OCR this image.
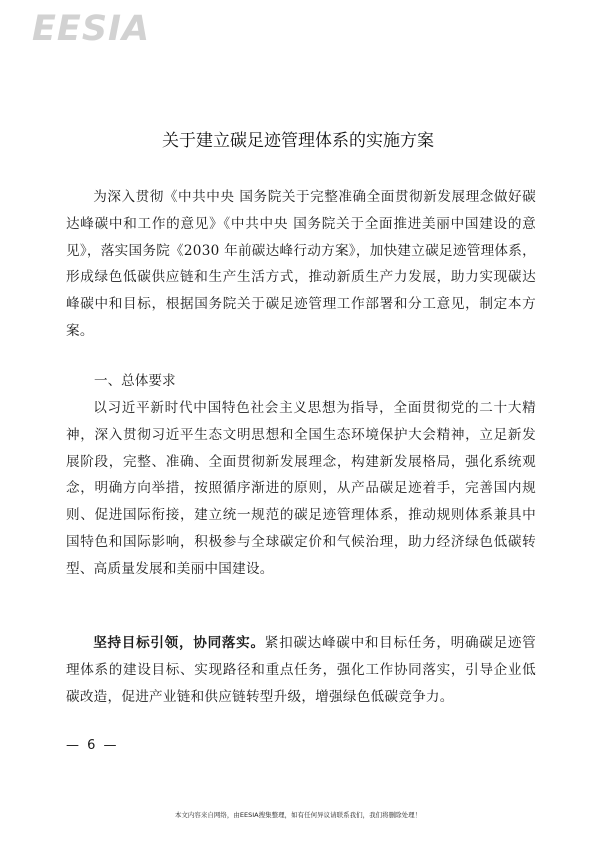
EESIA
关于建立碳足迹管理体系的实施方案

为深入贯彻《中共中央 国务院关于完整准确全面贯彻新发展理念做好碳达峰碳中和工作的意见》《中共中央 国务院关于全面推进美丽中国建设的意见》，落实国务院《2030 年前碳达峰行动方案》，加快建立碳足迹管理体系，形成绿色低碳供应链和生产生活方式，推动新质生产力发展，助力实现碳达峰碳中和目标，根据国务院关于碳足迹管理工作部署和分工意见，制定本方案。

一、总体要求

以习近平新时代中国特色社会主义思想为指导，全面贯彻党的二十大精神，深入贯彻习近平生态文明思想和全国生态环境保护大会精神，立足新发展阶段，完整、准确、全面贯彻新发展理念，构建新发展格局，强化系统观念，明确方向举措，按照循序渐进的原则，从产品碳足迹着手，完善国内规则、促进国际衔接，建立统一规范的碳足迹管理体系，推动规则体系兼具中国特色和国际影响，积极参与全球碳定价和气候治理，助力经济绿色低碳转型、高质量发展和美丽中国建设。

坚持目标引领，协同落实。紧扣碳达峰碳中和目标任务，明确碳足迹管理体系的建设目标、实现路径和重点任务，强化工作协同落实，引导企业低碳改造，促进产业链和供应链转型升级，增强绿色低碳竞争力。

— 6 —
本文内容来自网络，由EESIA搜集整理，如有任何异议请联系我们，我们将删除处理！
